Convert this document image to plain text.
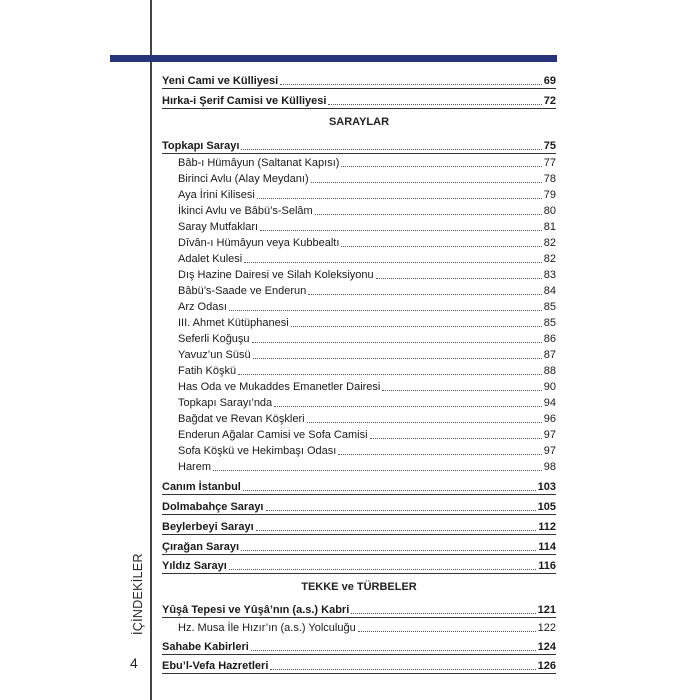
İÇİNDEKİLER
4
Yeni Cami ve Külliyesi	69
Hırka-i Şerif Camisi ve Külliyesi	72
SARAYLAR
Topkapı Sarayı	75
Bâb-ı Hümâyun (Saltanat Kapısı)	77
Birinci Avlu (Alay Meydanı)	78
Aya İrini Kilisesi	79
İkinci Avlu ve Bâbü’s-Selâm	80
Saray Mutfakları	81
Dîvân-ı Hümâyun veya Kubbealtı	82
Adalet Kulesi	82
Dış Hazine Dairesi ve Silah Koleksiyonu	83
Bâbü’s-Saade ve Enderun	84
Arz Odası	85
III. Ahmet Kütüphanesi	85
Seferli Koğuşu	86
Yavuz’un Süsü	87
Fatih Köşkü	88
Has Oda ve Mukaddes Emanetler Dairesi	90
Topkapı Sarayı’nda	94
Bağdat ve Revan Köşkleri	96
Enderun Ağalar Camisi ve Sofa Camisi	97
Sofa Köşkü ve Hekimbaşı Odası	97
Harem	98
Canım İstanbul	103
Dolmabahçe Sarayı	105
Beylerbeyi Sarayı	112
Çırağan Sarayı	114
Yıldız Sarayı	116
TEKKE ve TÜRBELER
Yûşâ Tepesi ve Yûşâ’nın (a.s.) Kabri	121
Hz. Musa İle Hızır’ın (a.s.) Yolculuğu	122
Sahabe Kabirleri	124
Ebu’l-Vefa Hazretleri	126
